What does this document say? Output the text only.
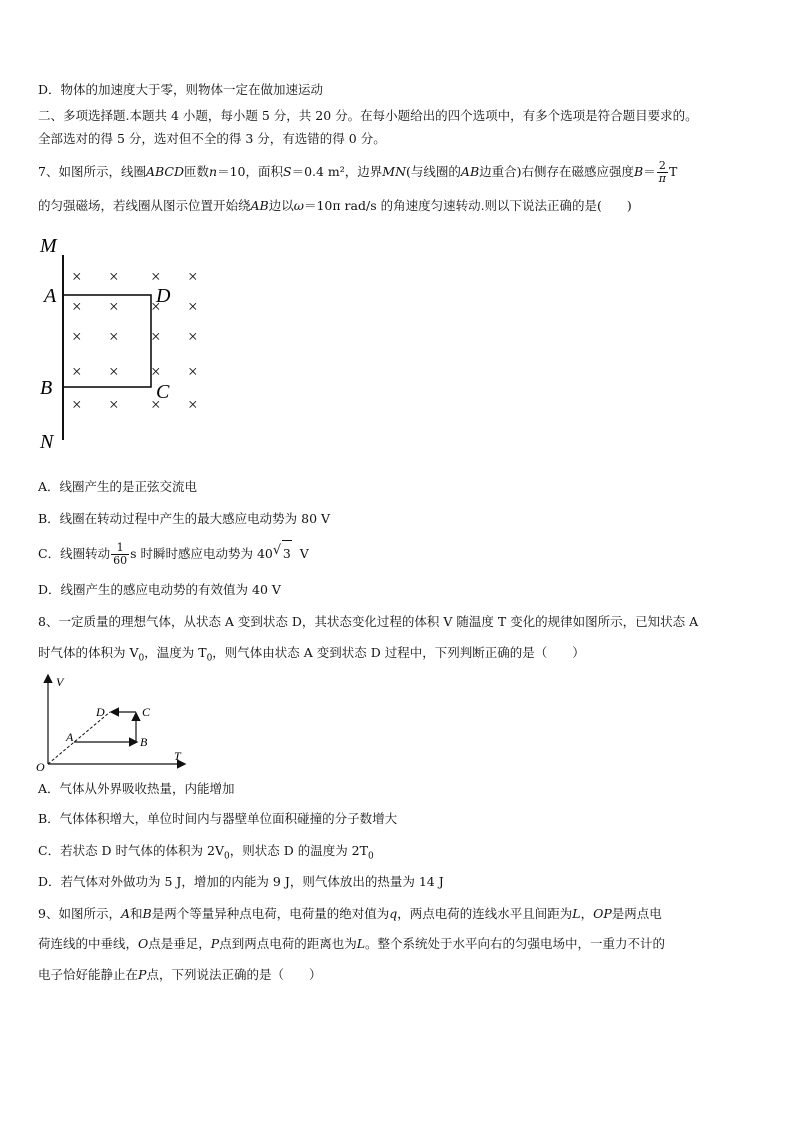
D．物体的加速度大于零，则物体一定在做加速运动
二、多项选择题.本题共 4 小题，每小题 5 分，共 20 分。在每小题给出的四个选项中，有多个选项是符合题目要求的。
全部选对的得 5 分，选对但不全的得 3 分，有选错的得 0 分。
7、如图所示，线圈ABCD匝数n＝10，面积S＝0.4 m²，边界MN(与线圈的AB边重合)右侧存在磁感应强度$B= \frac{2}{\pi}$ T
的匀强磁场，若线圈从图示位置开始绕AB边以ω＝10π rad/s 的角速度匀速转动.则以下说法正确的是(　　)
M
A	D
B	C
N
× × × ×
× × × ×
× × × ×
× × × ×
× × × ×
A．线圈产生的是正弦交流电
B．线圈在转动过程中产生的最大感应电动势为 80 V
C．线圈转动 $\frac{1}{60}$ s 时瞬时感应电动势为 40  √ 3 V
D．线圈产生的感应电动势的有效值为 40 V
8、一定质量的理想气体，从状态 A 变到状态 D，其状态变化过程的体积 V 随温度 T 变化的规律如图所示，已知状态 A
时气体的体积为 $V_0$，温度为 $T_0$，则气体由状态 A 变到状态 D 过程中，下列判断正确的是（　　）
V
T
O
A	B
C
D
A．气体从外界吸收热量，内能增加
B．气体体积增大，单位时间内与器壁单位面积碰撞的分子数增大
C．若状态 D 时气体的体积为 $2V_0$，则状态 D 的温度为 $2T_0$
D．若气体对外做功为 5 J，增加的内能为 9 J，则气体放出的热量为 14 J
9、如图所示，A和B是两个等量异种点电荷，电荷量的绝对值为q，两点电荷的连线水平且间距为L，OP是两点电
荷连线的中垂线，O点是垂足，P点到两点电荷的距离也为L。整个系统处于水平向右的匀强电场中，一重力不计的
电子恰好能静止在P点，下列说法正确的是（　　）
